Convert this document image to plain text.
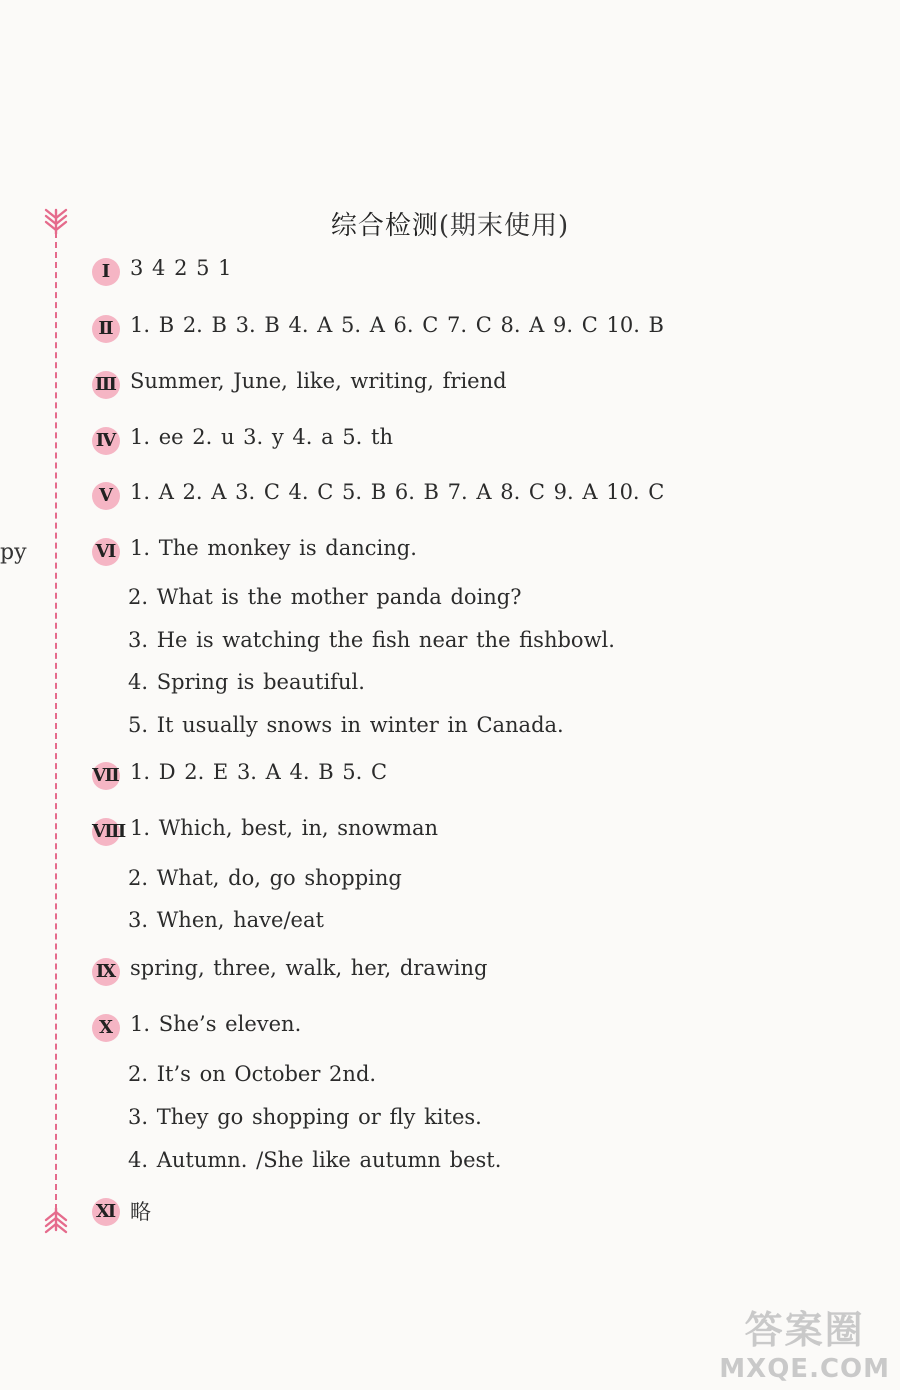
综合检测(期末使用)
py
Ⅰ 3 4 2 5 1
Ⅱ 1. B 2. B 3. B 4. A 5. A 6. C 7. C 8. A 9. C 10. B
Ⅲ Summer, June, like, writing, friend
Ⅳ 1. ee 2. u 3. y 4. a 5. th
Ⅴ 1. A 2. A 3. C 4. C 5. B 6. B 7. A 8. C 9. A 10. C
Ⅵ 1. The monkey is dancing.
2. What is the mother panda doing?
3. He is watching the fish near the fishbowl.
4. Spring is beautiful.
5. It usually snows in winter in Canada.
Ⅶ 1. D 2. E 3. A 4. B 5. C
Ⅷ 1. Which, best, in, snowman
2. What, do, go shopping
3. When, have/eat
Ⅸ spring, three, walk, her, drawing
Ⅹ 1. She’s eleven.
2. It’s on October 2nd.
3. They go shopping or fly kites.
4. Autumn. /She like autumn best.
Ⅺ 略
答案圈
MXQE.COM
